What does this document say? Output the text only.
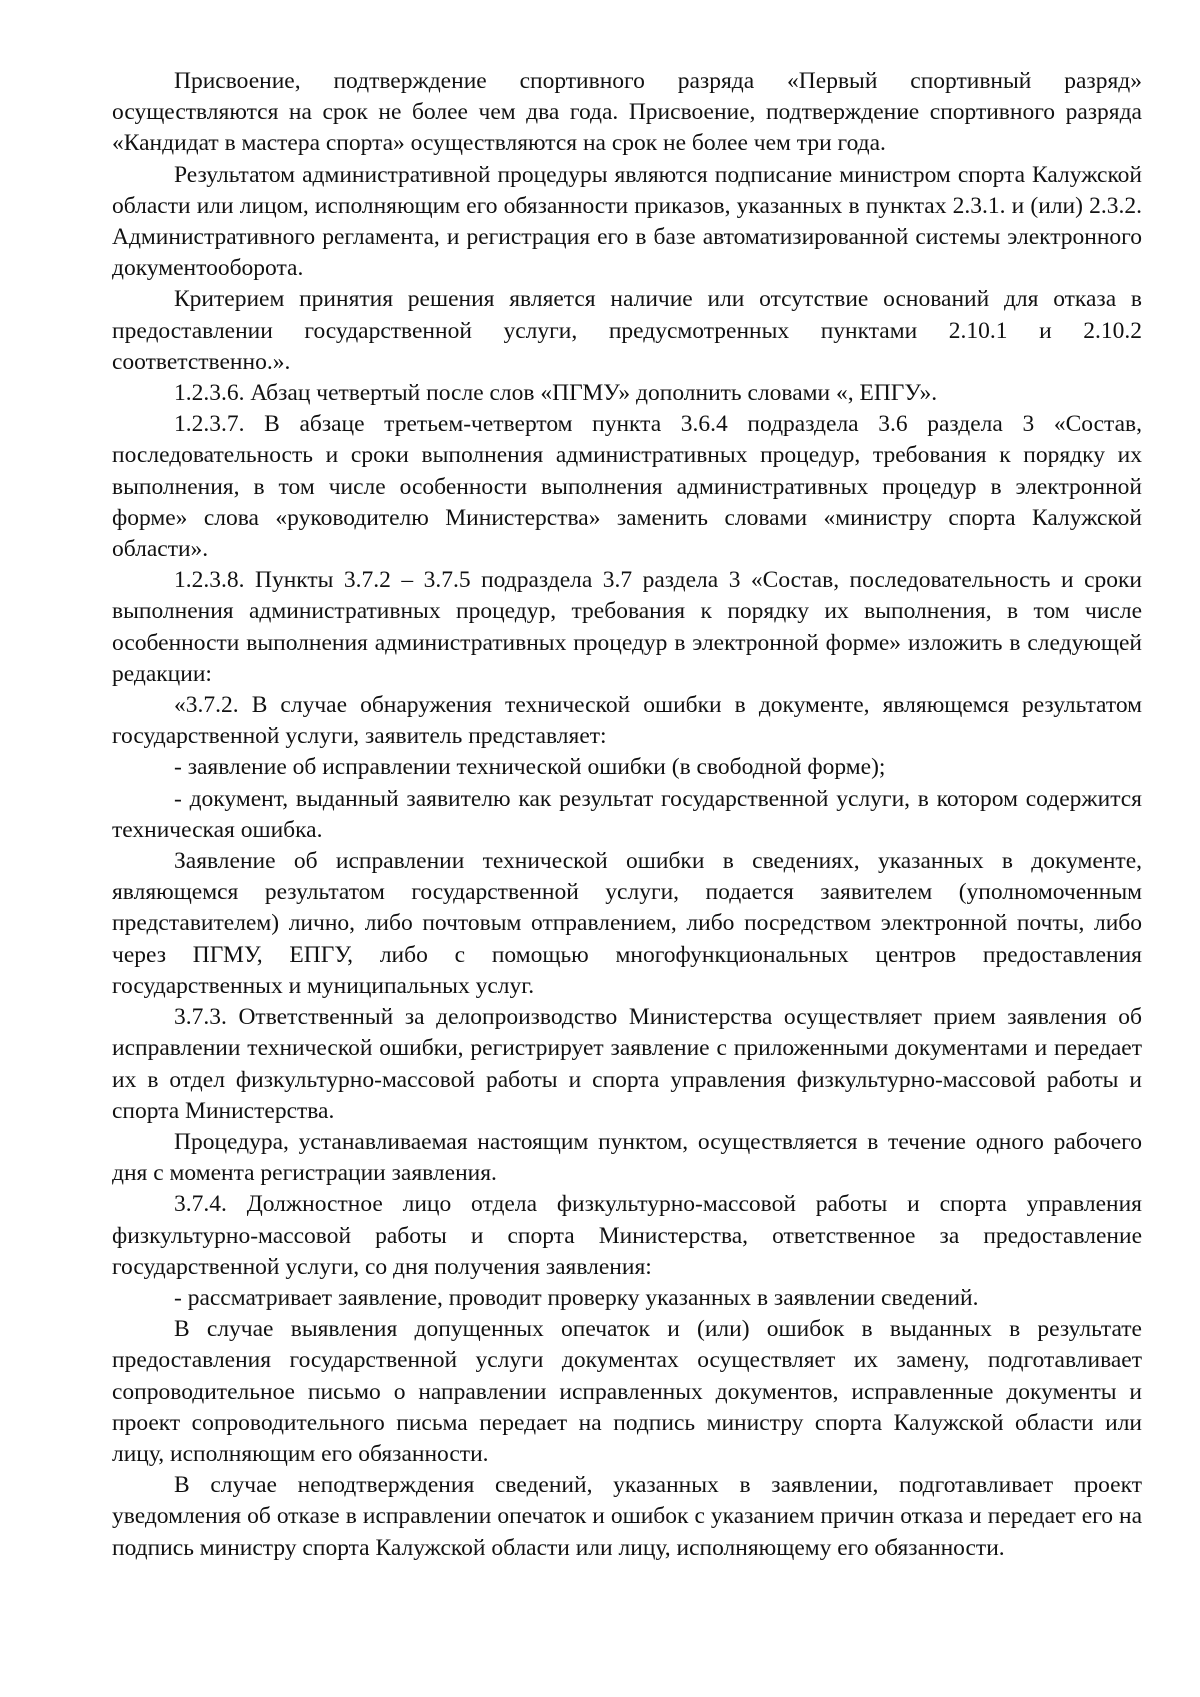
Присвоение, подтверждение спортивного разряда «Первый спортивный разряд» осуществляются на срок не более чем два года. Присвоение, подтверждение спортивного разряда «Кандидат в мастера спорта» осуществляются на срок не более чем три года.

Результатом административной процедуры являются подписание министром спорта Калужской области или лицом, исполняющим его обязанности приказов, указанных в пунктах 2.3.1. и (или) 2.3.2. Административного регламента, и регистрация его в базе автоматизированной системы электронного документооборота.

Критерием принятия решения является наличие или отсутствие оснований для отказа в предоставлении государственной услуги, предусмотренных пунктами 2.10.1 и 2.10.2 соответственно.».

1.2.3.6. Абзац четвертый после слов «ПГМУ» дополнить словами «, ЕПГУ».

1.2.3.7. В абзаце третьем-четвертом пункта 3.6.4 подраздела 3.6 раздела 3 «Состав, последовательность и сроки выполнения административных процедур, требования к порядку их выполнения, в том числе особенности выполнения административных процедур в электронной форме» слова «руководителю Министерства» заменить словами «министру спорта Калужской области».

1.2.3.8. Пункты 3.7.2 – 3.7.5 подраздела 3.7 раздела 3 «Состав, последовательность и сроки выполнения административных процедур, требования к порядку их выполнения, в том числе особенности выполнения административных процедур в электронной форме» изложить в следующей редакции:

«3.7.2. В случае обнаружения технической ошибки в документе, являющемся результатом государственной услуги, заявитель представляет:

- заявление об исправлении технической ошибки (в свободной форме);

- документ, выданный заявителю как результат государственной услуги, в котором содержится техническая ошибка.

Заявление об исправлении технической ошибки в сведениях, указанных в документе, являющемся результатом государственной услуги, подается заявителем (уполномоченным представителем) лично, либо почтовым отправлением, либо посредством электронной почты, либо через ПГМУ, ЕПГУ, либо с помощью многофункциональных центров предоставления государственных и муниципальных услуг.

3.7.3. Ответственный за делопроизводство Министерства осуществляет прием заявления об исправлении технической ошибки, регистрирует заявление с приложенными документами и передает их в отдел физкультурно-массовой работы и спорта управления физкультурно-массовой работы и спорта Министерства.

Процедура, устанавливаемая настоящим пунктом, осуществляется в течение одного рабочего дня с момента регистрации заявления.

3.7.4. Должностное лицо отдела физкультурно-массовой работы и спорта управления физкультурно-массовой работы и спорта Министерства, ответственное за предоставление государственной услуги, со дня получения заявления:

- рассматривает заявление, проводит проверку указанных в заявлении сведений.

В случае выявления допущенных опечаток и (или) ошибок в выданных в результате предоставления государственной услуги документах осуществляет их замену, подготавливает сопроводительное письмо о направлении исправленных документов, исправленные документы и проект сопроводительного письма передает на подпись министру спорта Калужской области или лицу, исполняющим его обязанности.

В случае неподтверждения сведений, указанных в заявлении, подготавливает проект уведомления об отказе в исправлении опечаток и ошибок с указанием причин отказа и передает его на подпись министру спорта Калужской области или лицу, исполняющему его обязанности.
